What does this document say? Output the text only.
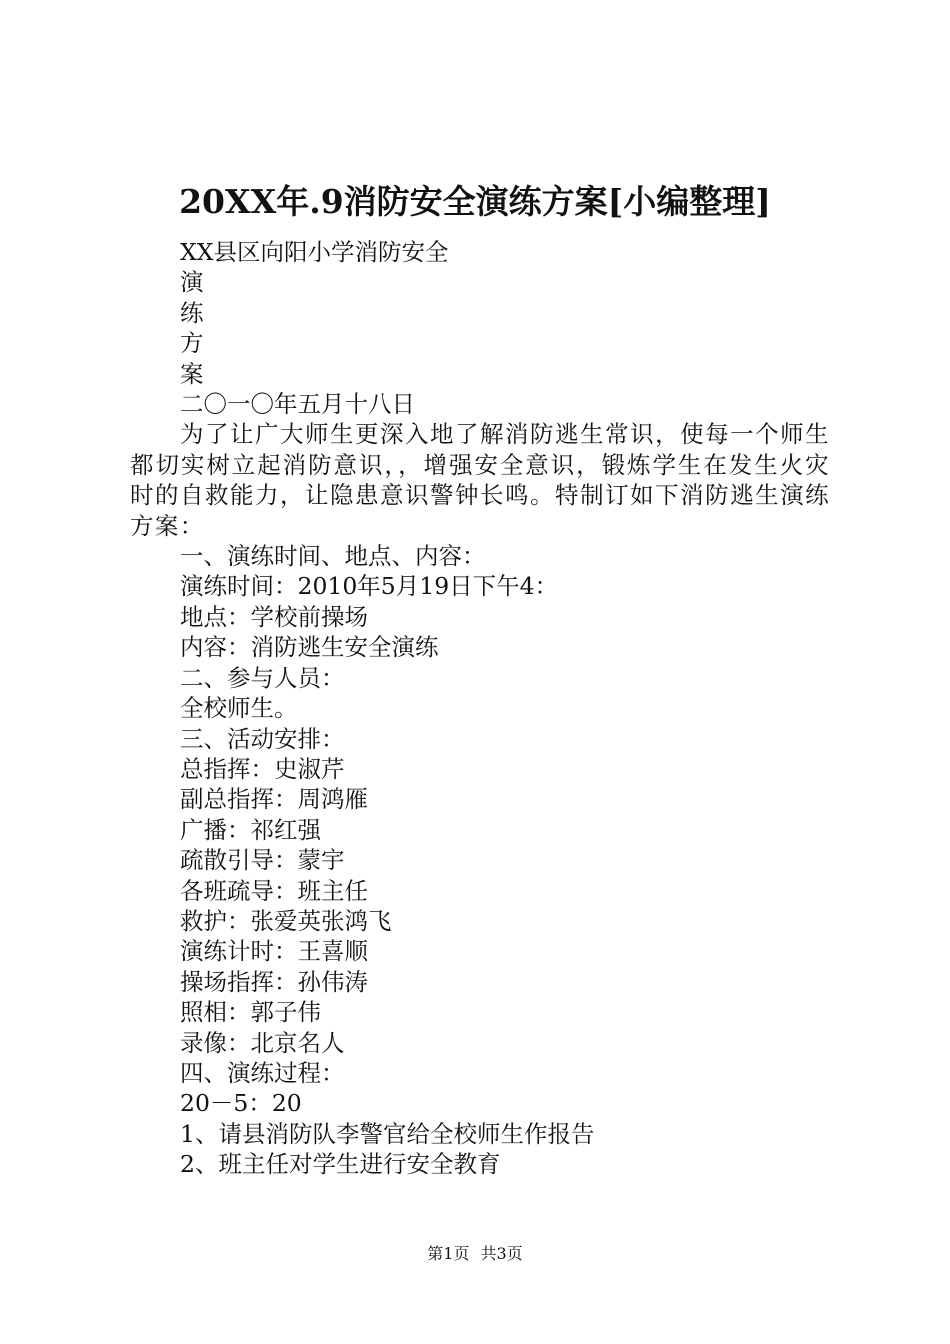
20XX年.9消防安全演练方案[小编整理]
XX县区向阳小学消防安全
演
练
方
案
二〇一〇年五月十八日
为了让广大师生更深入地了解消防逃生常识，使每一个师生都切实树立起消防意识，，增强安全意识，锻炼学生在发生火灾时的自救能力，让隐患意识警钟长鸣。特制订如下消防逃生演练方案：
一、演练时间、地点、内容：
演练时间：2010年5月19日下午4：
地点：学校前操场
内容：消防逃生安全演练
二、参与人员：
全校师生。
三、活动安排：
总指挥：史淑芹
副总指挥：周鸿雁
广播：祁红强
疏散引导：蒙宇
各班疏导：班主任
救护：张爱英张鸿飞
演练计时：王喜顺
操场指挥：孙伟涛
照相：郭子伟
录像：北京名人
四、演练过程：
20－5：20
1、请县消防队李警官给全校师生作报告
2、班主任对学生进行安全教育
第1页 共3页
